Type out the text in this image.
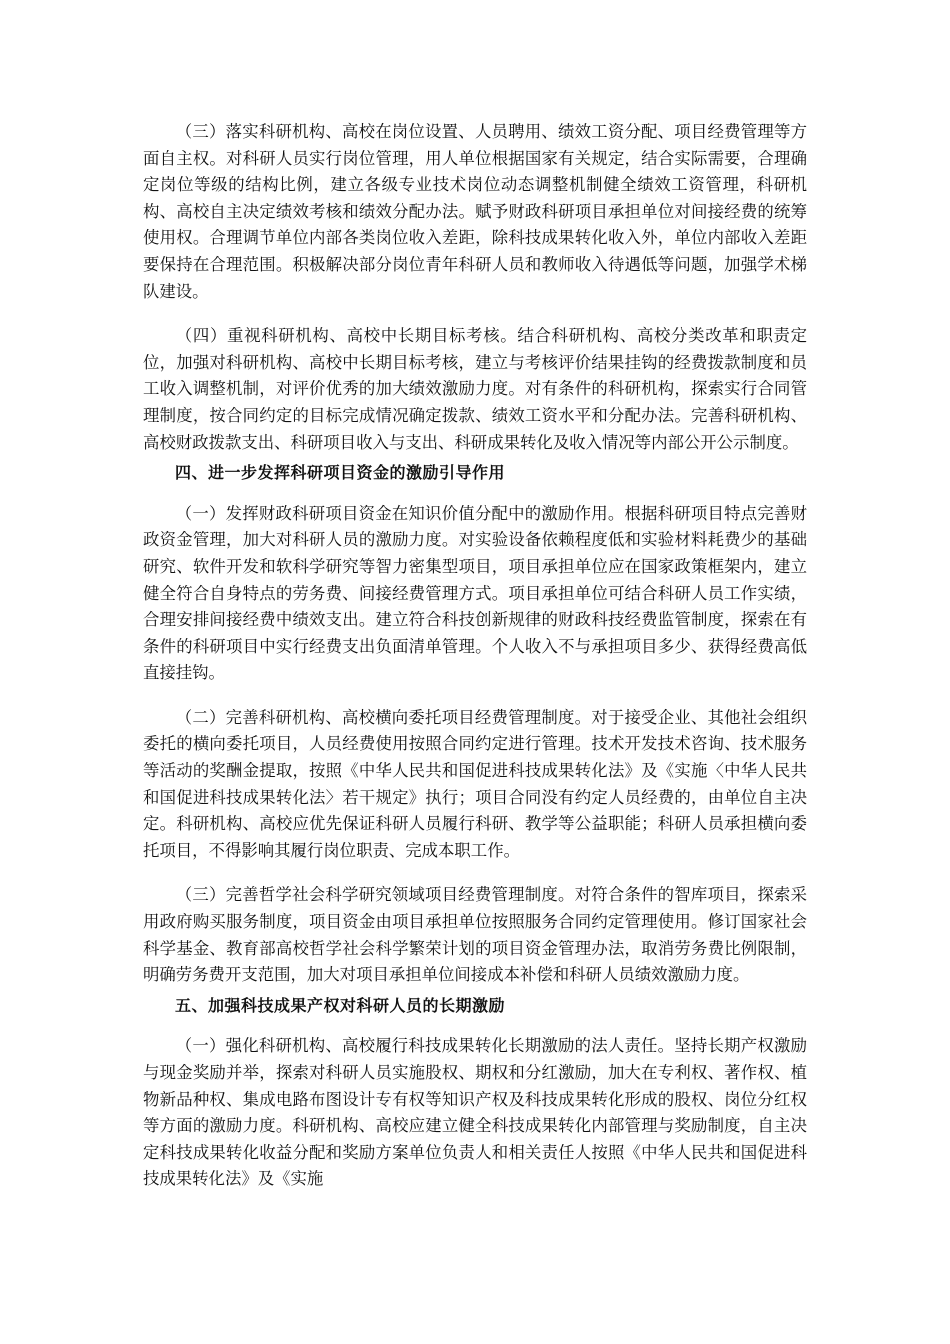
（三）落实科研机构、高校在岗位设置、人员聘用、绩效工资分配、项目经费管理等方面自主权。对科研人员实行岗位管理，用人单位根据国家有关规定，结合实际需要，合理确定岗位等级的结构比例，建立各级专业技术岗位动态调整机制健全绩效工资管理，科研机构、高校自主决定绩效考核和绩效分配办法。赋予财政科研项目承担单位对间接经费的统筹使用权。合理调节单位内部各类岗位收入差距，除科技成果转化收入外，单位内部收入差距要保持在合理范围。积极解决部分岗位青年科研人员和教师收入待遇低等问题，加强学术梯队建设。

（四）重视科研机构、高校中长期目标考核。结合科研机构、高校分类改革和职责定位，加强对科研机构、高校中长期目标考核，建立与考核评价结果挂钩的经费拨款制度和员工收入调整机制，对评价优秀的加大绩效激励力度。对有条件的科研机构，探索实行合同管理制度，按合同约定的目标完成情况确定拨款、绩效工资水平和分配办法。完善科研机构、高校财政拨款支出、科研项目收入与支出、科研成果转化及收入情况等内部公开公示制度。

四、进一步发挥科研项目资金的激励引导作用

（一）发挥财政科研项目资金在知识价值分配中的激励作用。根据科研项目特点完善财政资金管理，加大对科研人员的激励力度。对实验设备依赖程度低和实验材料耗费少的基础研究、软件开发和软科学研究等智力密集型项目，项目承担单位应在国家政策框架内，建立健全符合自身特点的劳务费、间接经费管理方式。项目承担单位可结合科研人员工作实绩，合理安排间接经费中绩效支出。建立符合科技创新规律的财政科技经费监管制度，探索在有条件的科研项目中实行经费支出负面清单管理。个人收入不与承担项目多少、获得经费高低直接挂钩。

（二）完善科研机构、高校横向委托项目经费管理制度。对于接受企业、其他社会组织委托的横向委托项目，人员经费使用按照合同约定进行管理。技术开发技术咨询、技术服务等活动的奖酬金提取，按照《中华人民共和国促进科技成果转化法》及《实施〈中华人民共和国促进科技成果转化法〉若干规定》执行；项目合同没有约定人员经费的，由单位自主决定。科研机构、高校应优先保证科研人员履行科研、教学等公益职能；科研人员承担横向委托项目，不得影响其履行岗位职责、完成本职工作。

（三）完善哲学社会科学研究领域项目经费管理制度。对符合条件的智库项目，探索采用政府购买服务制度，项目资金由项目承担单位按照服务合同约定管理使用。修订国家社会科学基金、教育部高校哲学社会科学繁荣计划的项目资金管理办法，取消劳务费比例限制，明确劳务费开支范围，加大对项目承担单位间接成本补偿和科研人员绩效激励力度。

五、加强科技成果产权对科研人员的长期激励

（一）强化科研机构、高校履行科技成果转化长期激励的法人责任。坚持长期产权激励与现金奖励并举，探索对科研人员实施股权、期权和分红激励，加大在专利权、著作权、植物新品种权、集成电路布图设计专有权等知识产权及科技成果转化形成的股权、岗位分红权等方面的激励力度。科研机构、高校应建立健全科技成果转化内部管理与奖励制度，自主决定科技成果转化收益分配和奖励方案单位负责人和相关责任人按照《中华人民共和国促进科技成果转化法》及《实施
